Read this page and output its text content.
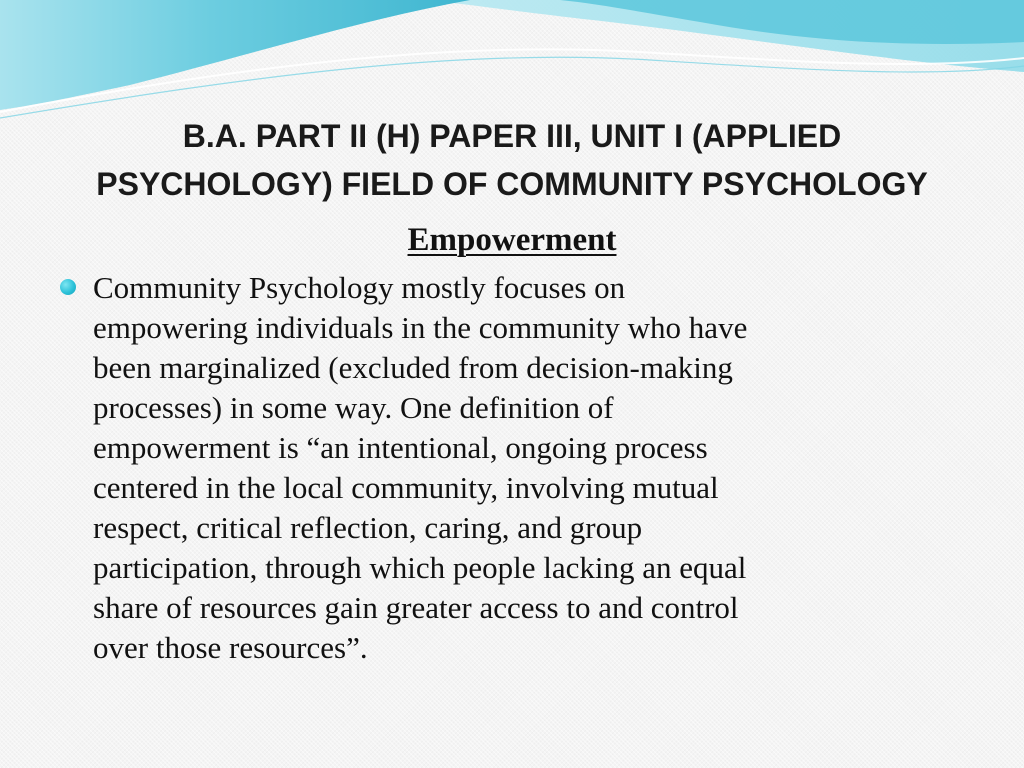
B.A. PART II (H) PAPER III, UNIT I (APPLIED
PSYCHOLOGY) FIELD OF COMMUNITY PSYCHOLOGY
Empowerment
Community Psychology mostly focuses on
empowering individuals in the community who have
been marginalized (excluded from decision-making
processes) in some way. One definition of
empowerment is “an intentional, ongoing process
centered in the local community, involving mutual
respect, critical reflection, caring, and group
participation, through which people lacking an equal
share of resources gain greater access to and control
over those resources”.
